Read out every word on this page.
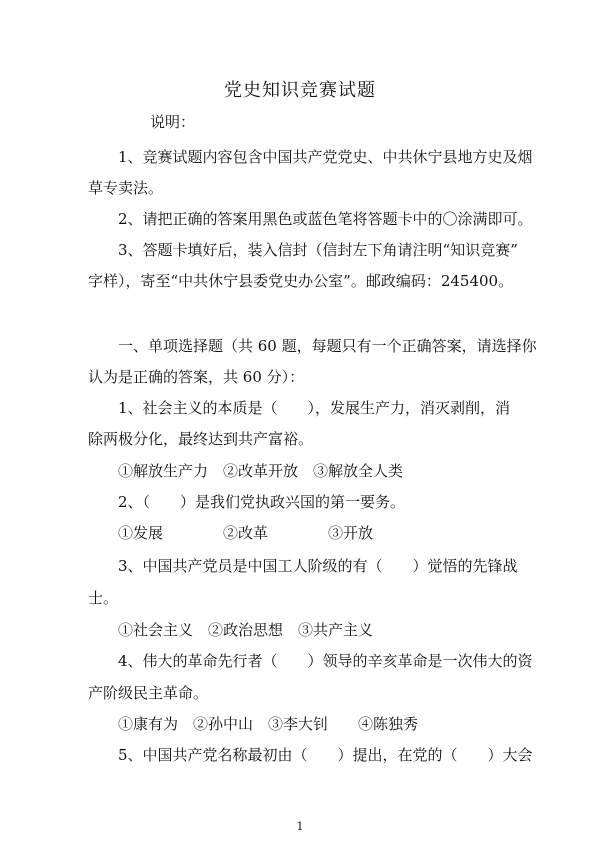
党史知识竞赛试题
说明：
1、竞赛试题内容包含中国共产党党史、中共休宁县地方史及烟
草专卖法。
2、请把正确的答案用黑色或蓝色笔将答题卡中的〇涂满即可。
3、答题卡填好后，装入信封（信封左下角请注明“知识竞赛”
字样），寄至“中共休宁县委党史办公室”。邮政编码：245400。
一、单项选择题（共 60 题，每题只有一个正确答案，请选择你
认为是正确的答案，共 60 分）：
1、社会主义的本质是（　　），发展生产力，消灭剥削，消
除两极分化，最终达到共产富裕。
①解放生产力　②改革开放　③解放全人类
2、（　　）是我们党执政兴国的第一要务。
①发展　　　　②改革　　　　③开放
3、中国共产党员是中国工人阶级的有（　　）觉悟的先锋战
士。
①社会主义　②政治思想　③共产主义
4、伟大的革命先行者（　　）领导的辛亥革命是一次伟大的资
产阶级民主革命。
①康有为　②孙中山　③李大钊　　④陈独秀
5、中国共产党名称最初由（　　）提出，在党的（　　）大会
1
